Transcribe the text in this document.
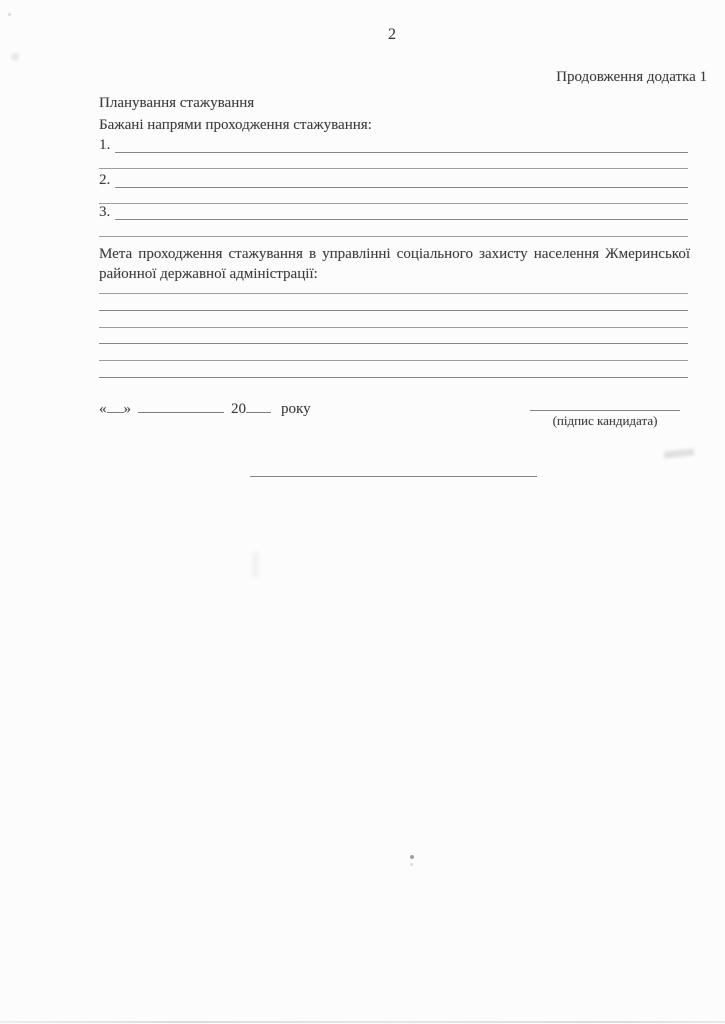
2
Продовження додатка 1
Планування стажування
Бажані напрями проходження стажування:
1.
2.
3.
Мета проходження стажування в управлінні соціального захисту населення Жмеринської
районної державної адміністрації:
« »	20 року
(підпис кандидата)
